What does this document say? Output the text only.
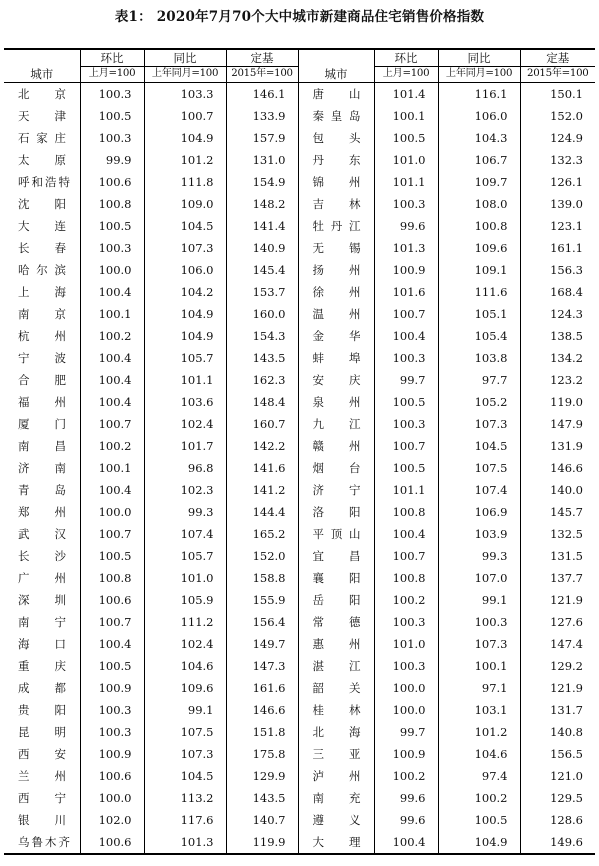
表1： 2020年7月70个大中城市新建商品住宅销售价格指数
城市	环比	同比	定基	城市	环比	同比	定基
	上月=100	上年同月=100	2015年=100		上月=100	上年同月=100	2015年=100
北京	100.3	103.3	146.1	唐山	101.4	116.1	150.1
天津	100.5	100.7	133.9	秦皇岛	100.1	106.0	152.0
石家庄	100.3	104.9	157.9	包头	100.5	104.3	124.9
太原	99.9	101.2	131.0	丹东	101.0	106.7	132.3
呼和浩特	100.6	111.8	154.9	锦州	101.1	109.7	126.1
沈阳	100.8	109.0	148.2	吉林	100.3	108.0	139.0
大连	100.5	104.5	141.4	牡丹江	99.6	100.8	123.1
长春	100.3	107.3	140.9	无锡	101.3	109.6	161.1
哈尔滨	100.0	106.0	145.4	扬州	100.9	109.1	156.3
上海	100.4	104.2	153.7	徐州	101.6	111.6	168.4
南京	100.1	104.9	160.0	温州	100.7	105.1	124.3
杭州	100.2	104.9	154.3	金华	100.4	105.4	138.5
宁波	100.4	105.7	143.5	蚌埠	100.3	103.8	134.2
合肥	100.4	101.1	162.3	安庆	99.7	97.7	123.2
福州	100.4	103.6	148.4	泉州	100.5	105.2	119.0
厦门	100.7	102.4	160.7	九江	100.3	107.3	147.9
南昌	100.2	101.7	142.2	赣州	100.7	104.5	131.9
济南	100.1	96.8	141.6	烟台	100.5	107.5	146.6
青岛	100.4	102.3	141.2	济宁	101.1	107.4	140.0
郑州	100.0	99.3	144.4	洛阳	100.8	106.9	145.7
武汉	100.7	107.4	165.2	平顶山	100.4	103.9	132.5
长沙	100.5	105.7	152.0	宜昌	100.7	99.3	131.5
广州	100.8	101.0	158.8	襄阳	100.8	107.0	137.7
深圳	100.6	105.9	155.9	岳阳	100.2	99.1	121.9
南宁	100.7	111.2	156.4	常德	100.3	100.3	127.6
海口	100.4	102.4	149.7	惠州	101.0	107.3	147.4
重庆	100.5	104.6	147.3	湛江	100.3	100.1	129.2
成都	100.9	109.6	161.6	韶关	100.0	97.1	121.9
贵阳	100.3	99.1	146.6	桂林	100.0	103.1	131.7
昆明	100.3	107.5	151.8	北海	99.7	101.2	140.8
西安	100.9	107.3	175.8	三亚	100.9	104.6	156.5
兰州	100.6	104.5	129.9	泸州	100.2	97.4	121.0
西宁	100.0	113.2	143.5	南充	99.6	100.2	129.5
银川	102.0	117.6	140.7	遵义	99.6	100.5	128.6
乌鲁木齐	100.6	101.3	119.9	大理	100.4	104.9	149.6
